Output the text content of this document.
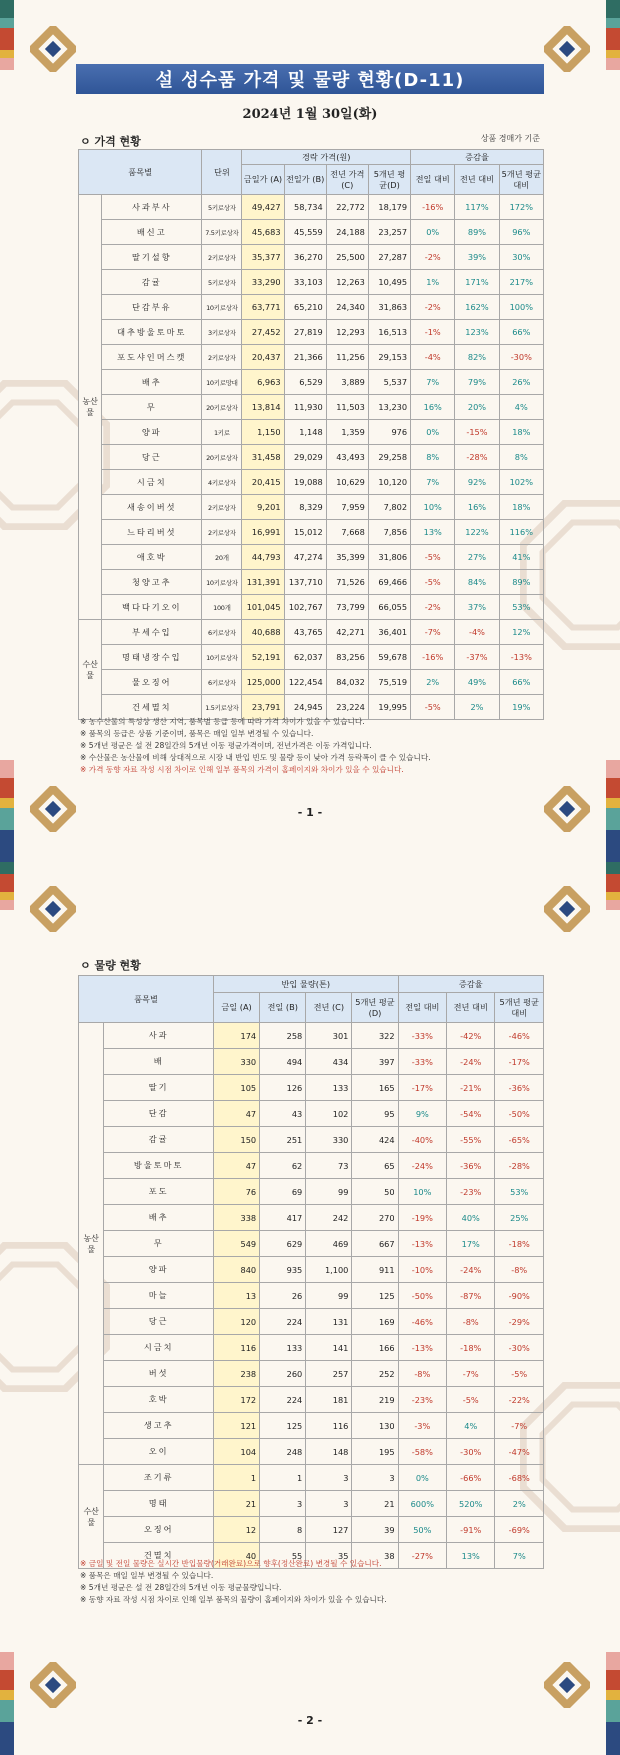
설 성수품 가격 및 물량 현황(D-11)
2024년 1월 30일(화)
ㅇ 가격 현황	상품 경매가 기준
품목별		단위	경락 가격(원)				증감율		
			금일가 (A)	전일가 (B)	전년 가격(C)	5개년 평균(D)	전일 대비	전년 대비	5개년 평균대비
농산물	사과부사	5키로상자	49,427	58,734	22,772	18,179	-16%	117%	172%
	배신고	7.5키로상자	45,683	45,559	24,188	23,257	0%	89%	96%
	딸기설향	2키로상자	35,377	36,270	25,500	27,287	-2%	39%	30%
	감귤	5키로상자	33,290	33,103	12,263	10,495	1%	171%	217%
	단감부유	10키로상자	63,771	65,210	24,340	31,863	-2%	162%	100%
	대추방울토마토	3키로상자	27,452	27,819	12,293	16,513	-1%	123%	66%
	포도샤인머스캣	2키로상자	20,437	21,366	11,256	29,153	-4%	82%	-30%
	배추	10키로망대	6,963	6,529	3,889	5,537	7%	79%	26%
	무	20키로상자	13,814	11,930	11,503	13,230	16%	20%	4%
	양파	1키로	1,150	1,148	1,359	976	0%	-15%	18%
	당근	20키로상자	31,458	29,029	43,493	29,258	8%	-28%	8%
	시금치	4키로상자	20,415	19,088	10,629	10,120	7%	92%	102%
	새송이버섯	2키로상자	9,201	8,329	7,959	7,802	10%	16%	18%
	느타리버섯	2키로상자	16,991	15,012	7,668	7,856	13%	122%	116%
	애호박	20개	44,793	47,274	35,399	31,806	-5%	27%	41%
	청양고추	10키로상자	131,391	137,710	71,526	69,466	-5%	84%	89%
	백다다기오이	100개	101,045	102,767	73,799	66,055	-2%	37%	53%
수산물	부세수입	6키로상자	40,688	43,765	42,271	36,401	-7%	-4%	12%
	명태냉장수입	10키로상자	52,191	62,037	83,256	59,678	-16%	-37%	-13%
	물오징어	6키로상자	125,000	122,454	84,032	75,519	2%	49%	66%
	건세멸치	1.5키로상자	23,791	24,945	23,224	19,995	-5%	2%	19%
※ 농수산물의 특성상 생산 지역, 품목별 등급 등에 따라 가격 차이가 있을 수 있습니다.
※ 품목의 등급은 상품 기준이며, 품목은 매일 일부 변경될 수 있습니다.
※ 5개년 평균은 설 전 28일간의 5개년 이동 평균가격이며, 전년가격은 이동 가격입니다.
※ 수산물은 농산물에 비해 상대적으로 시장 내 반입 빈도 및 물량 등이 낮아 가격 등락폭이 클 수 있습니다.
※ 가격 동향 자료 작성 시점 차이로 인해 일부 품목의 가격이 홈페이지와 차이가 있을 수 있습니다.
- 1 -
ㅇ 물량 현황
품목별		반입 물량(톤)				증감율		
		금일 (A)	전일 (B)	전년 (C)	5개년 평균(D)	전일 대비	전년 대비	5개년 평균대비
농산물	사과	174	258	301	322	-33%	-42%	-46%
	배	330	494	434	397	-33%	-24%	-17%
	딸기	105	126	133	165	-17%	-21%	-36%
	단감	47	43	102	95	9%	-54%	-50%
	감귤	150	251	330	424	-40%	-55%	-65%
	방울토마토	47	62	73	65	-24%	-36%	-28%
	포도	76	69	99	50	10%	-23%	53%
	배추	338	417	242	270	-19%	40%	25%
	무	549	629	469	667	-13%	17%	-18%
	양파	840	935	1,100	911	-10%	-24%	-8%
	마늘	13	26	99	125	-50%	-87%	-90%
	당근	120	224	131	169	-46%	-8%	-29%
	시금치	116	133	141	166	-13%	-18%	-30%
	버섯	238	260	257	252	-8%	-7%	-5%
	호박	172	224	181	219	-23%	-5%	-22%
	생고추	121	125	116	130	-3%	4%	-7%
	오이	104	248	148	195	-58%	-30%	-47%
수산물	조기류	1	1	3	3	0%	-66%	-68%
	명태	21	3	3	21	600%	520%	2%
	오징어	12	8	127	39	50%	-91%	-69%
	건멸치	40	55	35	38	-27%	13%	7%
※ 금일 및 전일 물량은 실시간 반입물량(거래완료)으로 향후(정산완료) 변경될 수 있습니다.
※ 품목은 매일 일부 변경될 수 있습니다.
※ 5개년 평균은 설 전 28일간의 5개년 이동 평균물량입니다.
※ 동향 자료 작성 시점 차이로 인해 일부 품목의 물량이 홈페이지와 차이가 있을 수 있습니다.
- 2 -
